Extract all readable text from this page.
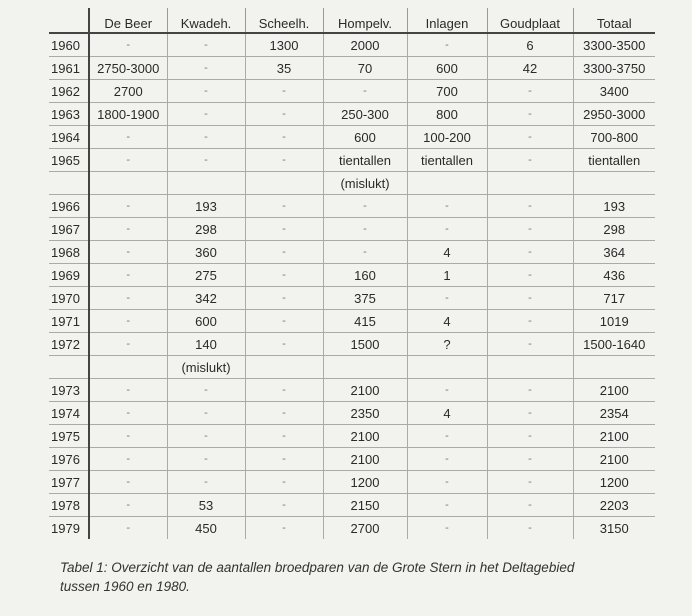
	De Beer	Kwadeh.	Scheelh.	Hompelv.	Inlagen	Goudplaat	Totaal
1960	-	-	1300	2000	-	6	3300-3500
1961	2750-3000	-	35	70	600	42	3300-3750
1962	2700	-	-	-	700	-	3400
1963	1800-1900	-	-	250-300	800	-	2950-3000
1964	-	-	-	600	100-200	-	700-800
1965	-	-	-	tientallen	tientallen	-	tientallen
				(mislukt)			
1966	-	193	-	-	-	-	193
1967	-	298	-	-	-	-	298
1968	-	360	-	-	4	-	364
1969	-	275	-	160	1	-	436
1970	-	342	-	375	-	-	717
1971	-	600	-	415	4	-	1019
1972	-	140	-	1500	?	-	1500-1640
		(mislukt)					
1973	-	-	-	2100	-	-	2100
1974	-	-	-	2350	4	-	2354
1975	-	-	-	2100	-	-	2100
1976	-	-	-	2100	-	-	2100
1977	-	-	-	1200	-	-	1200
1978	-	53	-	2150	-	-	2203
1979	-	450	-	2700	-	-	3150
Tabel 1: Overzicht van de aantallen broedparen van de Grote Stern in het Deltagebied
tussen 1960 en 1980.
